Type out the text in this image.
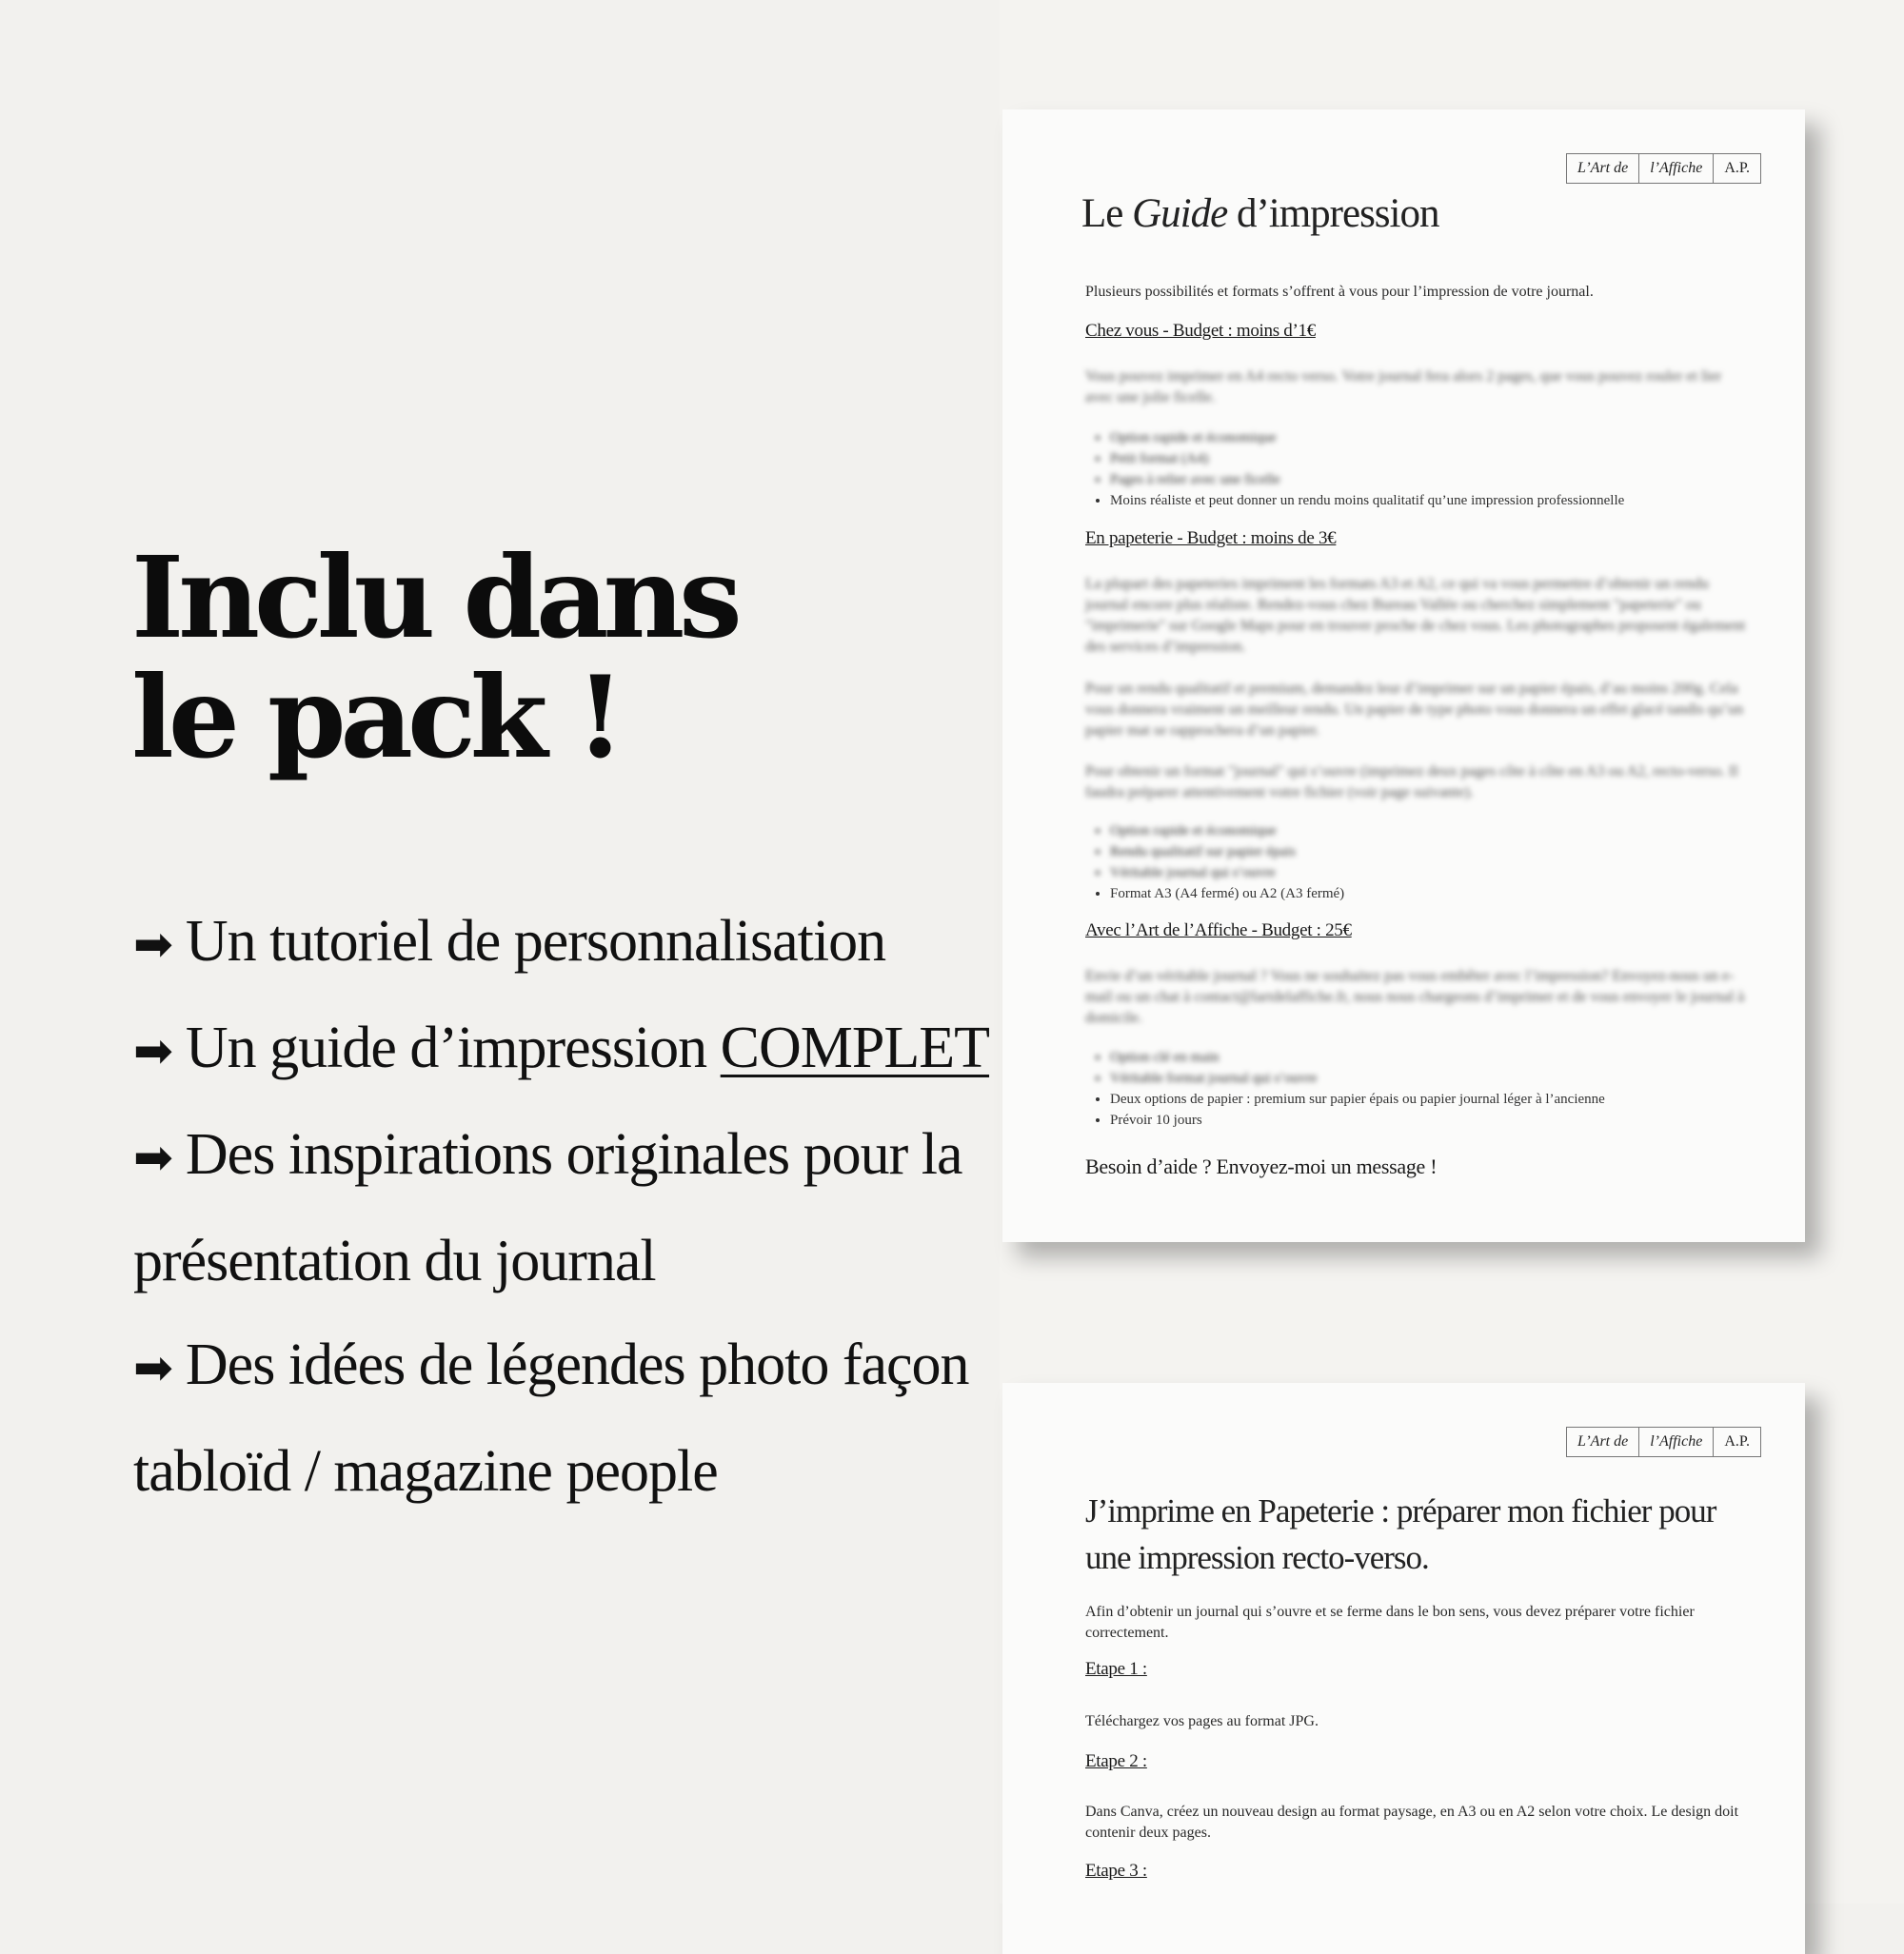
Inclu dans
le pack !
➡ Un tutoriel de personnalisation
➡ Un guide d’impression COMPLET
➡ Des inspirations originales pour la présentation du journal
➡ Des idées de légendes photo façon tabloïd / magazine people
L’Art de	l’Affiche	A.P.
Le Guide d’impression
Plusieurs possibilités et formats s’offrent à vous pour l’impression de votre journal.
Chez vous - Budget : moins d’1€
Vous pouvez imprimer en A4 recto verso. Votre journal fera alors 2 pages, que vous pouvez rouler et lier avec une jolie ficelle.
• Option rapide et économique
• Petit format (A4)
• Pages à relier avec une ficelle
• Moins réaliste et peut donner un rendu moins qualitatif qu’une impression professionnelle
En papeterie - Budget : moins de 3€
La plupart des papeteries impriment les formats A3 et A2, ce qui va vous permettre d’obtenir un rendu journal encore plus réaliste. Rendez-vous chez Bureau Vallée ou cherchez simplement "papeterie" ou "imprimerie" sur Google Maps pour en trouver proche de chez vous. Les photographes proposent également des services d’impression.
Pour un rendu qualitatif et premium, demandez leur d’imprimer sur un papier épais, d’au moins 200g. Cela vous donnera vraiment un meilleur rendu. Un papier de type photo vous donnera un effet glacé tandis qu’un papier mat se rapprochera d’un papier.
Pour obtenir un format "journal" qui s’ouvre (imprimez deux pages côte à côte en A3 ou A2, recto-verso. Il faudra préparer attentivement votre fichier (voir page suivante).
• Option rapide et économique
• Rendu qualitatif sur papier épais
• Véritable journal qui s’ouvre
• Format A3 (A4 fermé) ou A2 (A3 fermé)
Avec l’Art de l’Affiche - Budget : 25€
Envie d’un véritable journal ? Vous ne souhaitez pas vous embêter avec l’impression? Envoyez-nous un e-mail ou un chat à contact@lartdelaffiche.fr, nous nous chargeons d’imprimer et de vous envoyer le journal à domicile.
• Option clé en main
• Véritable format journal qui s’ouvre
• Deux options de papier : premium sur papier épais ou papier journal léger à l’ancienne
• Prévoir 10 jours
Besoin d’aide ? Envoyez-moi un message !
L’Art de	l’Affiche	A.P.
J’imprime en Papeterie : préparer mon fichier pour une impression recto-verso.
Afin d’obtenir un journal qui s’ouvre et se ferme dans le bon sens, vous devez préparer votre fichier correctement.
Etape 1 :
Téléchargez vos pages au format JPG.
Etape 2 :
Dans Canva, créez un nouveau design au format paysage, en A3 ou en A2 selon votre choix. Le design doit contenir deux pages.
Etape 3 :
